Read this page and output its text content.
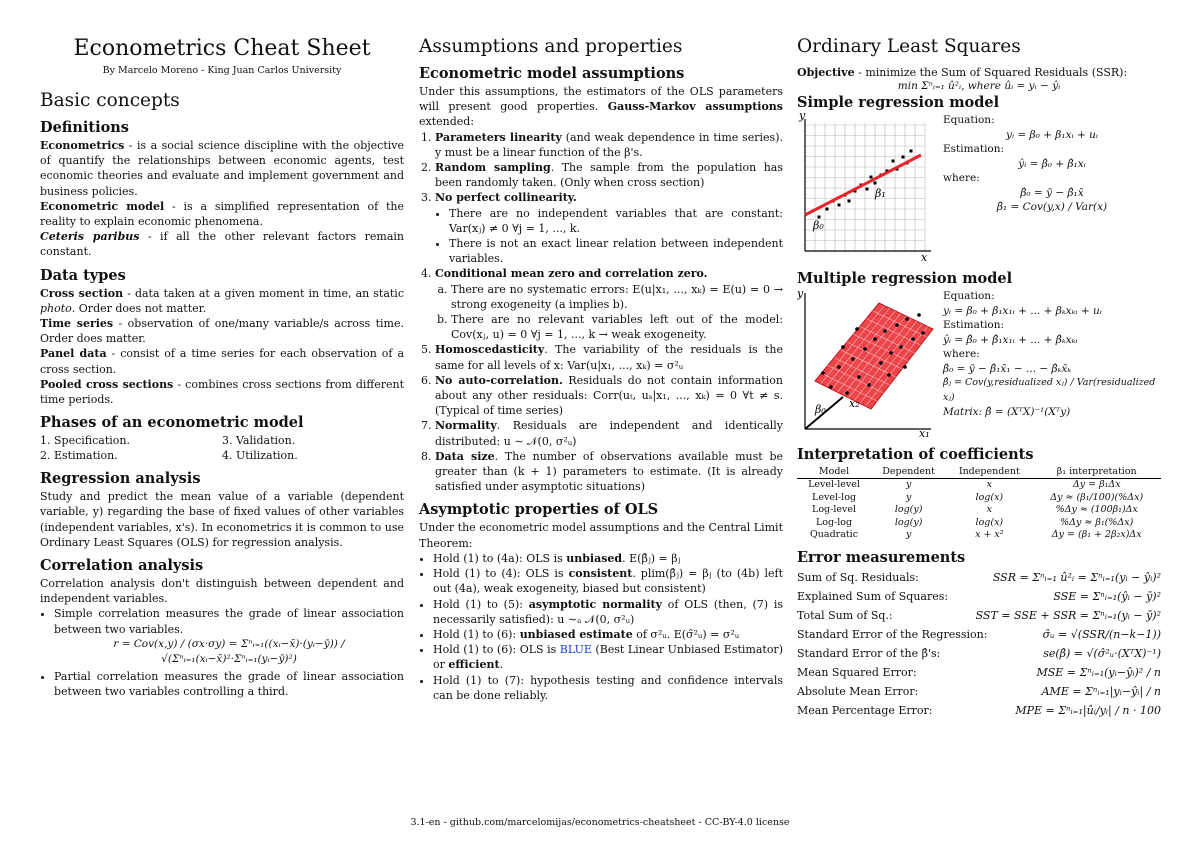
Econometrics Cheat Sheet
By Marcelo Moreno - King Juan Carlos University
Basic concepts
Definitions

Econometrics - is a social science discipline with the objective of quantify the relationships between economic agents, test economic theories and evaluate and implement government and business policies.

Econometric model - is a simplified representation of the reality to explain economic phenomena.

Ceteris paribus - if all the other relevant factors remain constant.

Data types

Cross section - data taken at a given moment in time, an static photo. Order does not matter.

Time series - observation of one/many variable/s across time. Order does matter.

Panel data - consist of a time series for each observation of a cross section.

Pooled cross sections - combines cross sections from different time periods.

Phases of an econometric model
1. Specification.	3. Validation.
2. Estimation.	4. Utilization.
Regression analysis

Study and predict the mean value of a variable (dependent variable, y) regarding the base of fixed values of other variables (independent variables, x's). In econometrics it is common to use Ordinary Least Squares (OLS) for regression analysis.

Correlation analysis

Correlation analysis don't distinguish between dependent and independent variables.

• Simple correlation measures the grade of linear association between two variables.
r = Cov(x,y) / (σx·σy) = Σⁿᵢ₌₁((xᵢ−x̄)·(yᵢ−ȳ)) / √(Σⁿᵢ₌₁(xᵢ−x̄)²·Σⁿᵢ₌₁(yᵢ−ȳ)²)
• Partial correlation measures the grade of linear association between two variables controlling a third.
Assumptions and properties
Econometric model assumptions

Under this assumptions, the estimators of the OLS parameters will present good properties. Gauss-Markov assumptions extended:

1. Parameters linearity (and weak dependence in time series). y must be a linear function of the β's.
2. Random sampling. The sample from the population has been randomly taken. (Only when cross section)
3. No perfect collinearity.
• There are no independent variables that are constant: Var(xⱼ) ≠ 0 ∀j = 1, ..., k.
• There is not an exact linear relation between independent variables.
4. Conditional mean zero and correlation zero.
a. There are no systematic errors: E(u|x₁, ..., xₖ) = E(u) = 0 → strong exogeneity (a implies b).
b. There are no relevant variables left out of the model: Cov(xⱼ, u) = 0 ∀j = 1, ..., k → weak exogeneity.
5. Homoscedasticity. The variability of the residuals is the same for all levels of x: Var(u|x₁, ..., xₖ) = σ²ᵤ
6. No auto-correlation. Residuals do not contain information about any other residuals: Corr(uₜ, uₛ|x₁, ..., xₖ) = 0 ∀t ≠ s. (Typical of time series)
7. Normality. Residuals are independent and identically distributed: u ∼ 𝒩(0, σ²ᵤ)
8. Data size. The number of observations available must be greater than (k + 1) parameters to estimate. (It is already satisfied under asymptotic situations)
Asymptotic properties of OLS

Under the econometric model assumptions and the Central Limit Theorem:

• Hold (1) to (4a): OLS is unbiased. E(β̂ⱼ) = βⱼ
• Hold (1) to (4): OLS is consistent. plim(β̂ⱼ) = βⱼ (to (4b) left out (4a), weak exogeneity, biased but consistent)
• Hold (1) to (5): asymptotic normality of OLS (then, (7) is necessarily satisfied): u ∼ₐ 𝒩(0, σ²ᵤ)
• Hold (1) to (6): unbiased estimate of σ²ᵤ. E(σ̂²ᵤ) = σ²ᵤ
• Hold (1) to (6): OLS is BLUE (Best Linear Unbiased Estimator) or efficient.
• Hold (1) to (7): hypothesis testing and confidence intervals can be done reliably.
Ordinary Least Squares

Objective - minimize the Sum of Squared Residuals (SSR):

min Σⁿᵢ₌₁ û²ᵢ, where ûᵢ = yᵢ − ŷᵢ
Simple regression model
y
x
β₀
β₁
Equation:
yᵢ = β₀ + β₁xᵢ + uᵢ
Estimation:
ŷᵢ = β̂₀ + β̂₁xᵢ
where:
β̂₀ = ȳ − β̂₁x̄
β̂₁ = Cov(y,x) / Var(x)
Multiple regression model
y
x₁
x₂
β₀
Equation:
yᵢ = β₀ + β₁x₁ᵢ + ... + βₖxₖᵢ + uᵢ
Estimation:
ŷᵢ = β̂₀ + β̂₁x₁ᵢ + ... + β̂ₖxₖᵢ
where:
β̂₀ = ȳ − β̂₁x̄₁ − ... − β̂ₖx̄ₖ
β̂ⱼ = Cov(y,residualized xⱼ) / Var(residualized xⱼ)
Matrix: β̂ = (XᵀX)⁻¹(Xᵀy)
Interpretation of coefficients
Model	Dependent	Independent	β₁ interpretation
Level-level	y	x	Δy = β₁Δx
Level-log	y	log(x)	Δy ≈ (β₁/100)(%Δx)
Log-level	log(y)	x	%Δy ≈ (100β₁)Δx
Log-log	log(y)	log(x)	%Δy ≈ β₁(%Δx)
Quadratic	y	x + x²	Δy = (β₁ + 2β₂x)Δx
Error measurements
Sum of Sq. Residuals:	SSR = Σⁿᵢ₌₁ û²ᵢ = Σⁿᵢ₌₁(yᵢ − ŷᵢ)²
Explained Sum of Squares:	SSE = Σⁿᵢ₌₁(ŷᵢ − ȳ)²
Total Sum of Sq.:	SST = SSE + SSR = Σⁿᵢ₌₁(yᵢ − ȳ)²
Standard Error of the Regression:	σ̂ᵤ = √(SSR/(n−k−1))
Standard Error of the β̂'s:	se(β̂) = √(σ̂²ᵤ·(XᵀX)⁻¹)
Mean Squared Error:	MSE = Σⁿᵢ₌₁(yᵢ−ŷᵢ)² / n
Absolute Mean Error:	AME = Σⁿᵢ₌₁|yᵢ−ŷᵢ| / n
Mean Percentage Error:	MPE = Σⁿᵢ₌₁|ûᵢ/yᵢ| / n · 100
3.1-en - github.com/marcelomijas/econometrics-cheatsheet - CC-BY-4.0 license
